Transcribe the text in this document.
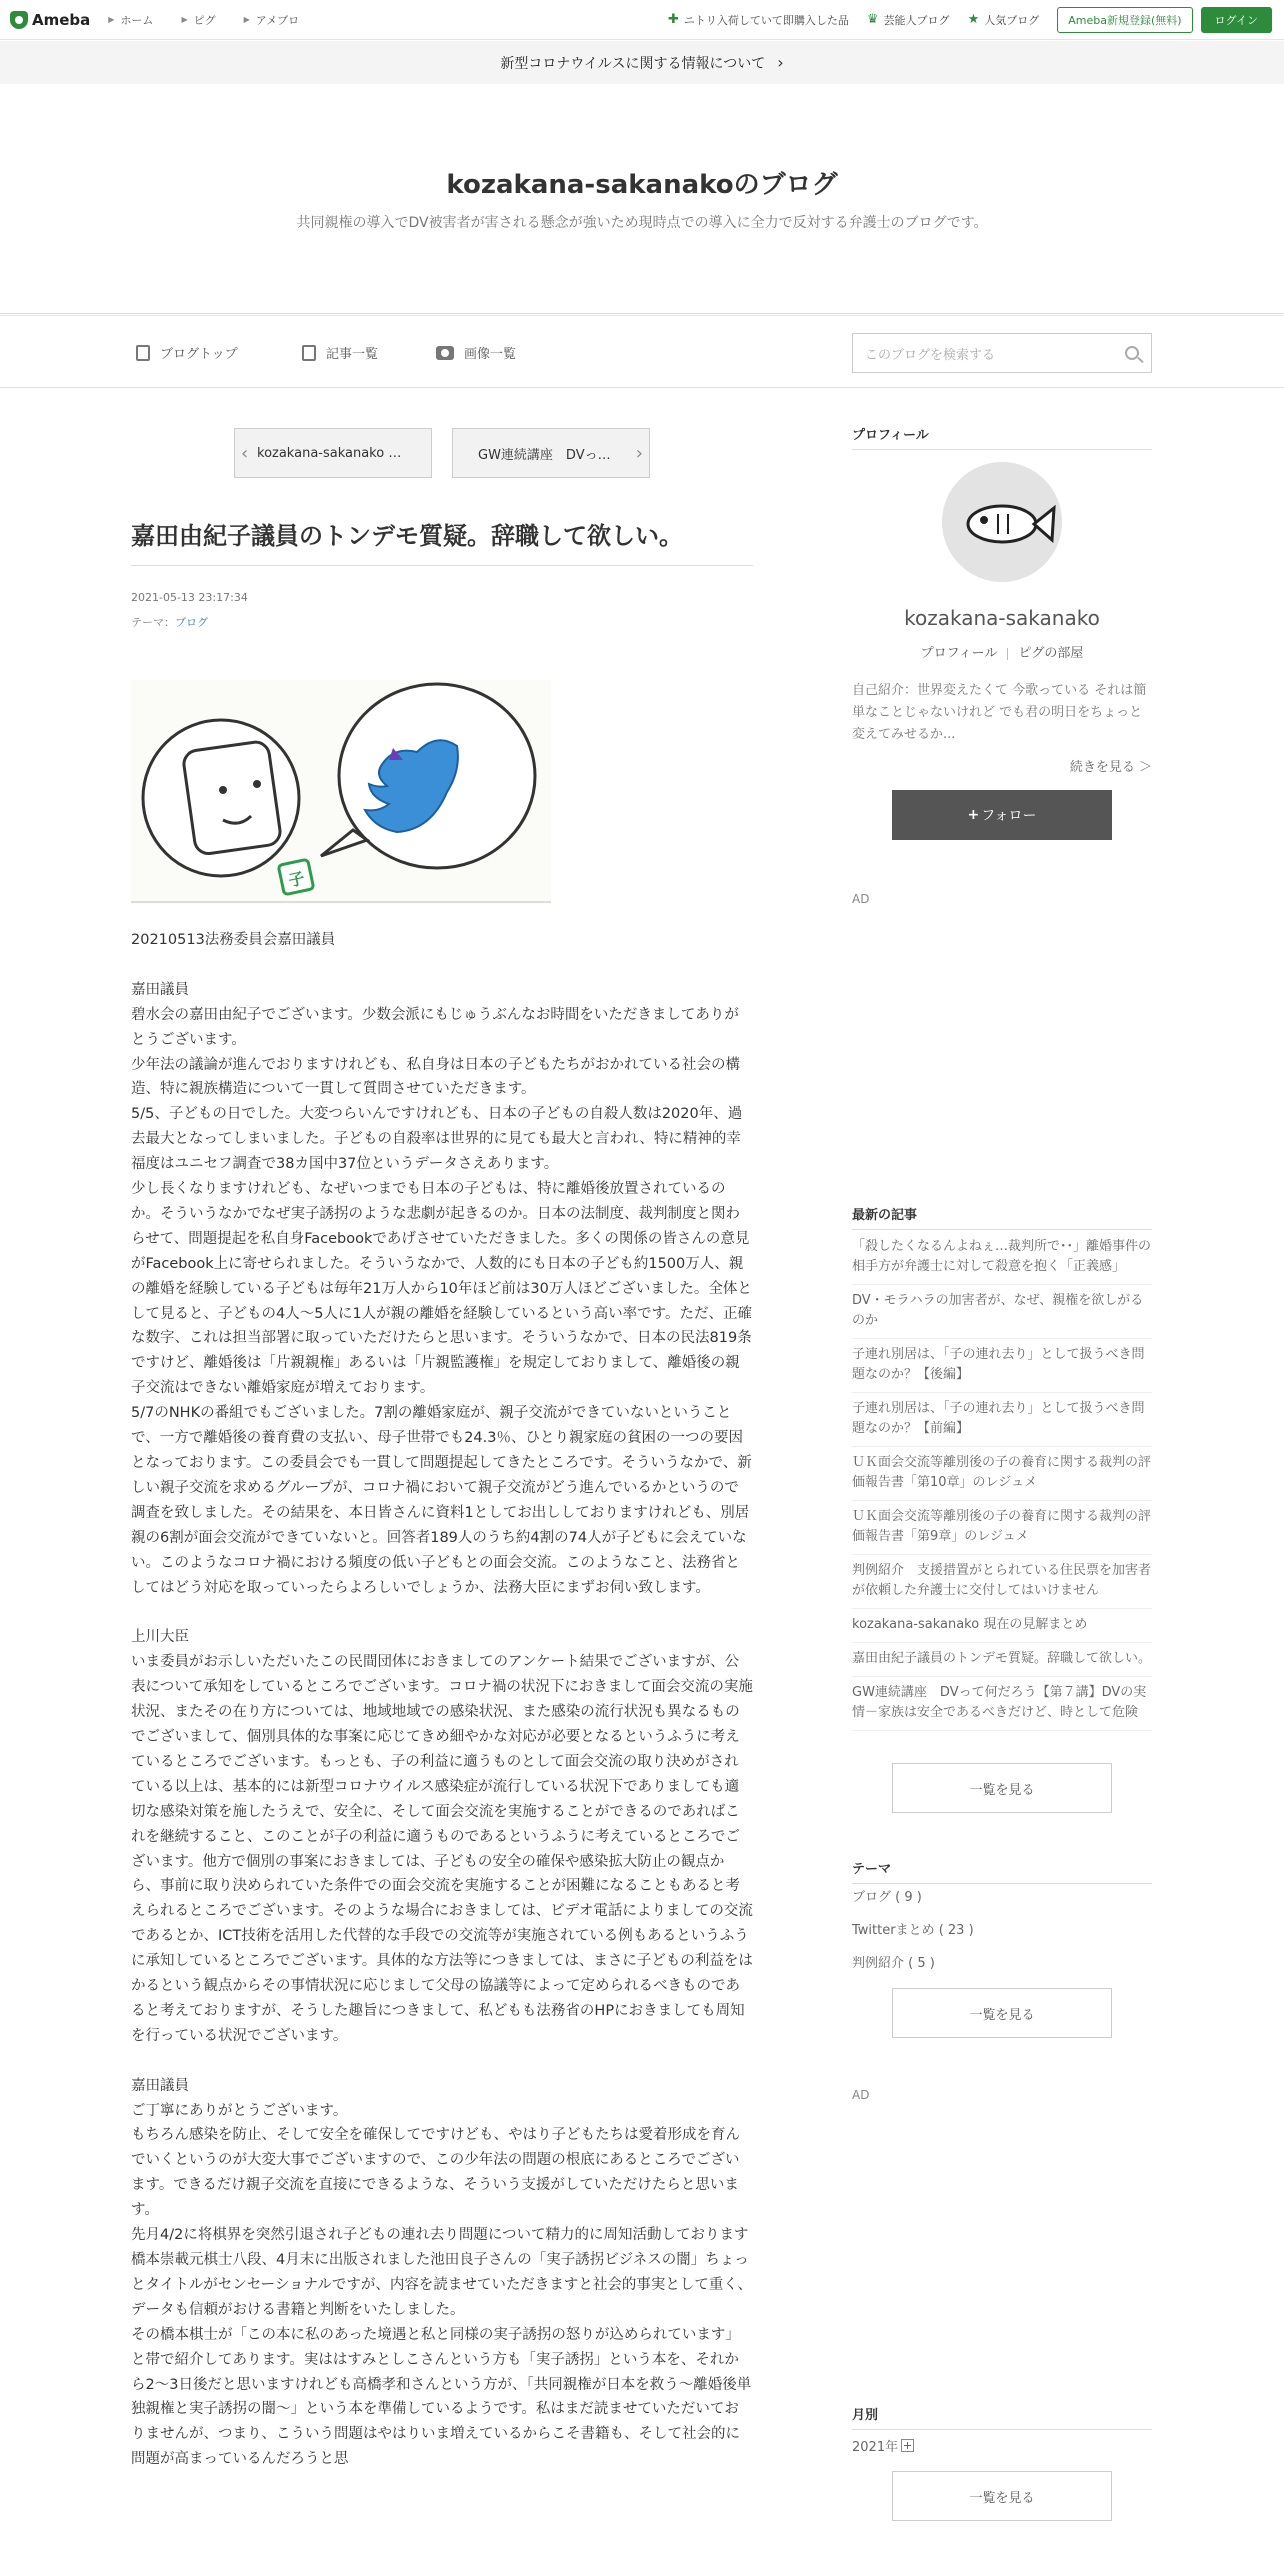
Ameba ▶ ホーム	▶ ピグ	▶ アメブロ	✚ ニトリ入荷していて即購入した品 ♛ 芸能人ブログ ★ 人気ブログ	Ameba新規登録(無料)	ログイン
新型コロナウイルスに関する情報について ›
kozakana-sakanakoのブログ
共同親権の導入でDV被害者が害される懸念が強いため現時点での導入に全力で反対する弁護士のブログです。
ブログトップ	記事一覧	画像一覧	このブログを検索する
‹ kozakana-sakanako …	GW連続講座　DVっ… ›
嘉田由紀子議員のトンデモ質疑。辞職して欲しい。
2021-05-13 23:17:34
テーマ：ブログ
子

20210513法務委員会嘉田議員

嘉田議員

碧水会の嘉田由紀子でございます。少数会派にもじゅうぶんなお時間をいただきましてありがとうございます。

少年法の議論が進んでおりますけれども、私自身は日本の子どもたちがおかれている社会の構造、特に親族構造について一貫して質問させていただきます。

5/5、子どもの日でした。大変つらいんですけれども、日本の子どもの自殺人数は2020年、過去最大となってしまいました。子どもの自殺率は世界的に見ても最大と言われ、特に精神的幸福度はユニセフ調査で38カ国中37位というデータさえあります。

少し長くなりますけれども、なぜいつまでも日本の子どもは、特に離婚後放置されているのか。そういうなかでなぜ実子誘拐のような悲劇が起きるのか。日本の法制度、裁判制度と関わらせて、問題提起を私自身Facebookであげさせていただきました。多くの関係の皆さんの意見がFacebook上に寄せられました。そういうなかで、人数的にも日本の子ども約1500万人、親の離婚を経験している子どもは毎年21万人から10年ほど前は30万人ほどございました。全体として見ると、子どもの4人～5人に1人が親の離婚を経験しているという高い率です。ただ、正確な数字、これは担当部署に取っていただけたらと思います。そういうなかで、日本の民法819条ですけど、離婚後は「片親親権」あるいは「片親監護権」を規定しておりまして、離婚後の親子交流はできない離婚家庭が増えております。

5/7のNHKの番組でもございました。7割の離婚家庭が、親子交流ができていないということで、一方で離婚後の養育費の支払い、母子世帯でも24.3％、ひとり親家庭の貧困の一つの要因となっております。この委員会でも一貫して問題提起してきたところです。そういうなかで、新しい親子交流を求めるグループが、コロナ禍において親子交流がどう進んでいるかというので調査を致しました。その結果を、本日皆さんに資料1としてお出ししておりますけれども、別居親の6割が面会交流ができていないと。回答者189人のうち約4割の74人が子どもに会えていない。このようなコロナ禍における頻度の低い子どもとの面会交流。このようなこと、法務省としてはどう対応を取っていったらよろしいでしょうか、法務大臣にまずお伺い致します。

上川大臣

いま委員がお示しいただいたこの民間団体におきましてのアンケート結果でございますが、公表について承知をしているところでございます。コロナ禍の状況下におきまして面会交流の実施状況、またその在り方については、地域地域での感染状況、また感染の流行状況も異なるものでございまして、個別具体的な事案に応じてきめ細やかな対応が必要となるというふうに考えているところでございます。もっとも、子の利益に適うものとして面会交流の取り決めがされている以上は、基本的には新型コロナウイルス感染症が流行している状況下でありましても適切な感染対策を施したうえで、安全に、そして面会交流を実施することができるのであればこれを継続すること、このことが子の利益に適うものであるというふうに考えているところでございます。他方で個別の事案におきましては、子どもの安全の確保や感染拡大防止の観点から、事前に取り決められていた条件での面会交流を実施することが困難になることもあると考えられるところでございます。そのような場合におきましては、ビデオ電話によりましての交流であるとか、ICT技術を活用した代替的な手段での交流等が実施されている例もあるというふうに承知しているところでございます。具体的な方法等につきましては、まさに子どもの利益をはかるという観点からその事情状況に応じまして父母の協議等によって定められるべきものであると考えておりますが、そうした趣旨につきまして、私どもも法務省のHPにおきましても周知を行っている状況でございます。

嘉田議員

ご丁寧にありがとうございます。

もちろん感染を防止、そして安全を確保してですけども、やはり子どもたちは愛着形成を育んでいくというのが大変大事でございますので、この少年法の問題の根底にあるところでございます。できるだけ親子交流を直接にできるような、そういう支援がしていただけたらと思います。

先月4/2に将棋界を突然引退され子どもの連れ去り問題について精力的に周知活動しております橋本崇載元棋士八段、4月末に出版されました池田良子さんの「実子誘拐ビジネスの闇」ちょっとタイトルがセンセーショナルですが、内容を読ませていただきますと社会的事実として重く、データも信頼がおける書籍と判断をいたしました。

その橋本棋士が「この本に私のあった境遇と私と同様の実子誘拐の怒りが込められています」と帯で紹介してあります。実ははすみとしこさんという方も「実子誘拐」という本を、それから2～3日後だと思いますけれども高橋孝和さんという方が、「共同親権が日本を救う～離婚後単独親権と実子誘拐の闇～」という本を準備しているようです。私はまだ読ませていただいておりませんが、つまり、こういう問題はやはりいま増えているからこそ書籍も、そして社会的に問題が高まっているんだろうと思

プロフィール
kozakana-sakanako
プロフィール ピグの部屋
自己紹介：世界変えたくて 今歌っている それは簡単なことじゃないけれど でも君の明日をちょっと変えてみせるか...
続きを見る ＞
+ フォロー
AD
最新の記事
「殺したくなるんよねぇ…裁判所で･･」離婚事件の相手方が弁護士に対して殺意を抱く「正義感」
DV・モラハラの加害者が、なぜ、親権を欲しがるのか
子連れ別居は、「子の連れ去り」として扱うべき問題なのか？【後編】
子連れ別居は、「子の連れ去り」として扱うべき問題なのか？【前編】
ＵＫ面会交流等離別後の子の養育に関する裁判の評価報告書「第10章」のレジュメ
ＵＫ面会交流等離別後の子の養育に関する裁判の評価報告書「第9章」のレジュメ
判例紹介　支援措置がとられている住民票を加害者が依頼した弁護士に交付してはいけません
kozakana-sakanako 現在の見解まとめ
嘉田由紀子議員のトンデモ質疑。辞職して欲しい。
GW連続講座　DVって何だろう【第７講】DVの実情－家族は安全であるべきだけど、時として危険
一覧を見る
テーマ
ブログ ( 9 )
Twitterまとめ ( 23 )
判例紹介 ( 5 )
一覧を見る
AD
月別
2021年
一覧を見る
